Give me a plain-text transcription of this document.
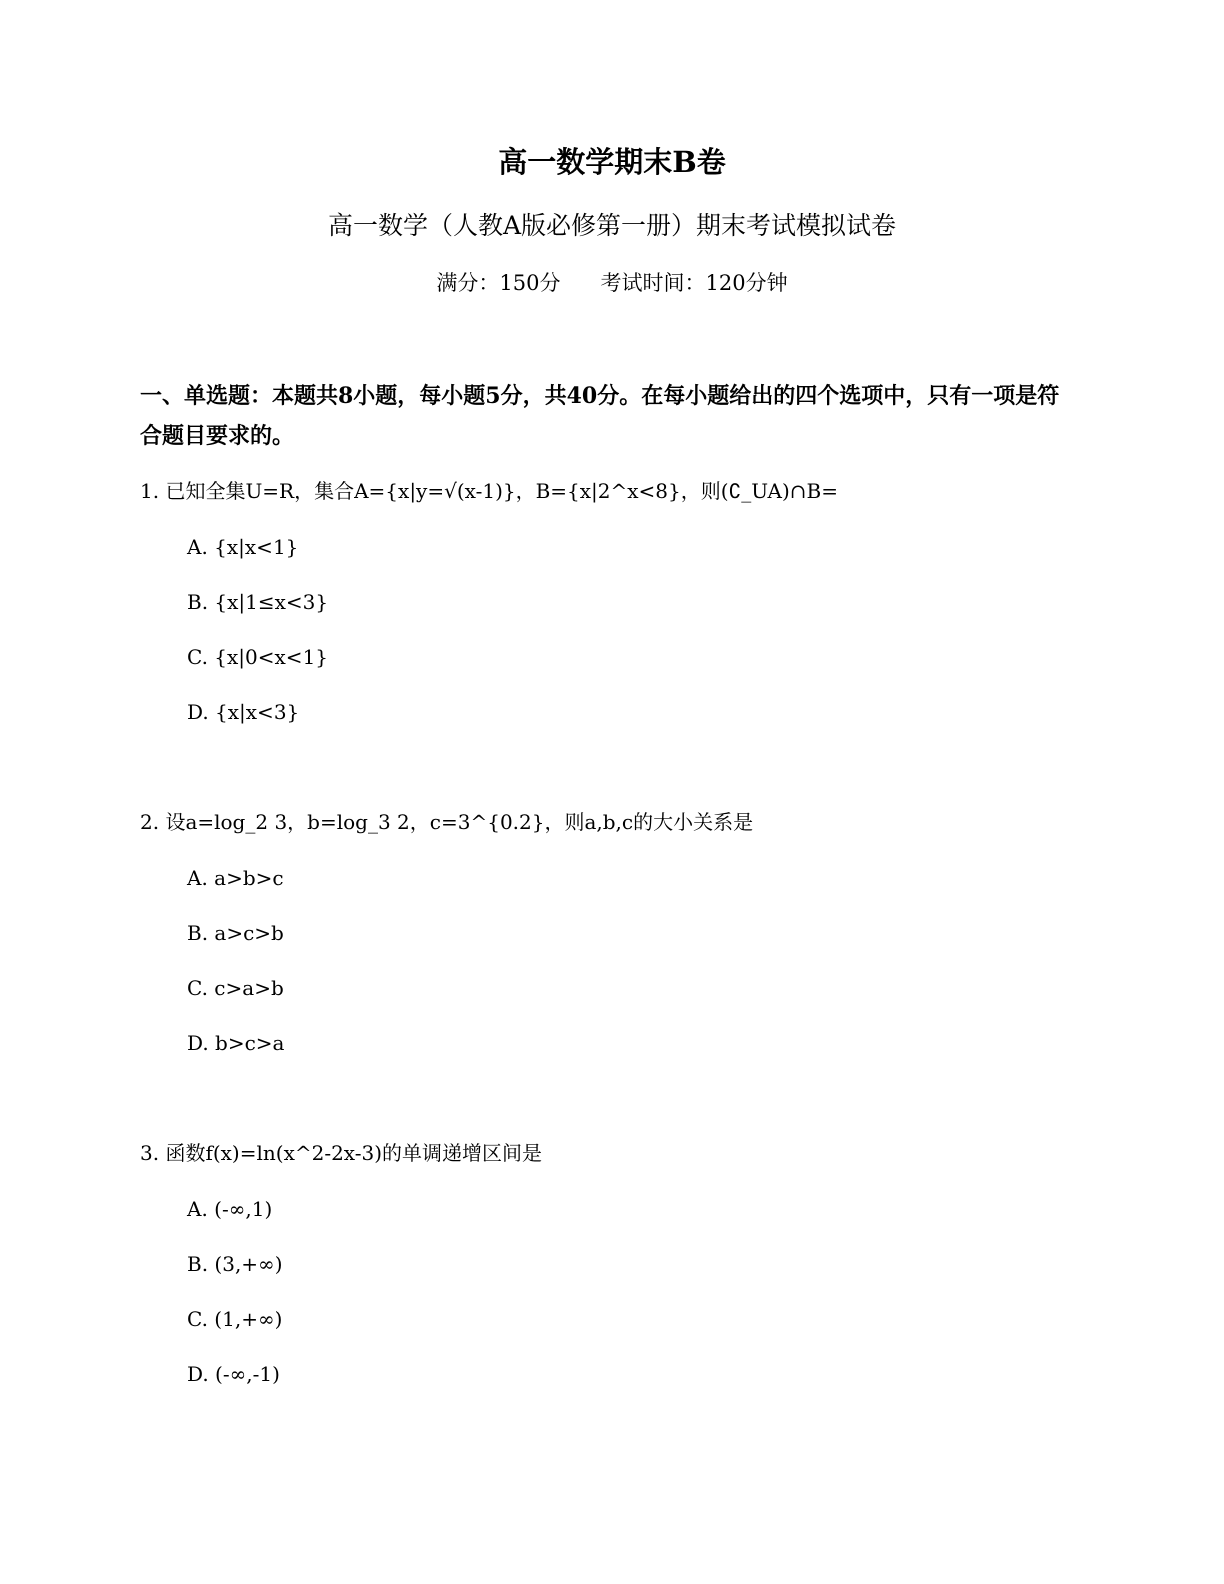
高一数学期末B卷
高一数学（人教A版必修第一册）期末考试模拟试卷
满分：150分      考试时间：120分钟
一、单选题：本题共8小题，每小题5分，共40分。在每小题给出的四个选项中，只有一项是符合题目要求的。
1. 已知全集U=R，集合A={x|y=√(x-1)}，B={x|2^x<8}，则(∁_UA)∩B=
A. {x|x<1}
B. {x|1≤x<3}
C. {x|0<x<1}
D. {x|x<3}
2. 设a=log_2 3，b=log_3 2，c=3^{0.2}，则a,b,c的大小关系是
A. a>b>c
B. a>c>b
C. c>a>b
D. b>c>a
3. 函数f(x)=ln(x^2-2x-3)的单调递增区间是
A. (-∞,1)
B. (3,+∞)
C. (1,+∞)
D. (-∞,-1)
